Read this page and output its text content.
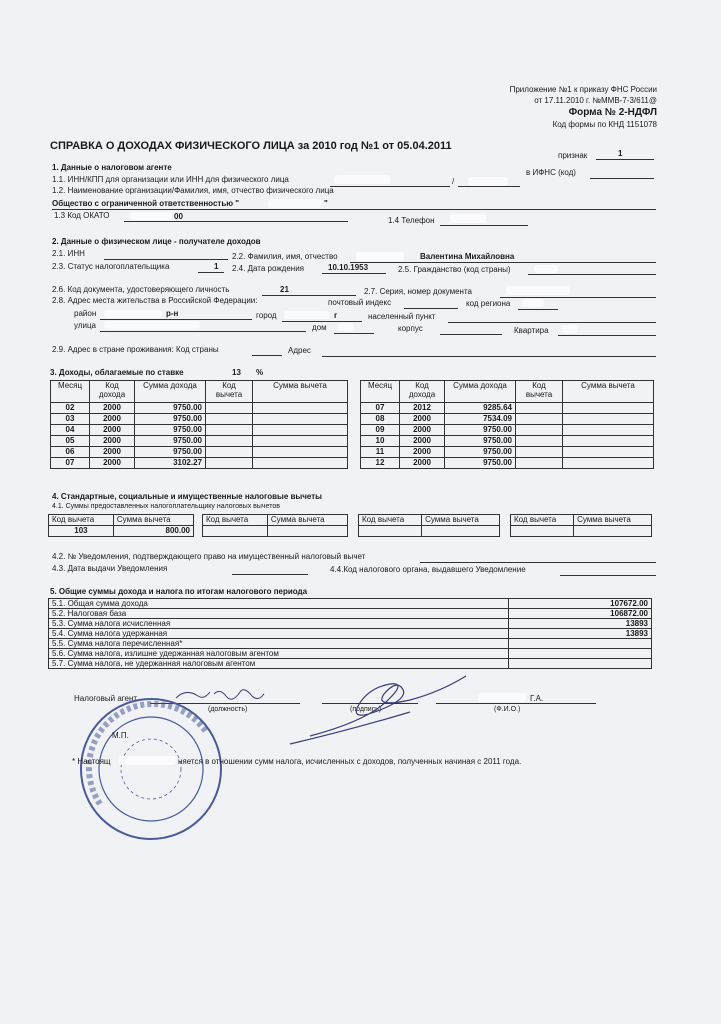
Приложение №1 к приказу ФНС России
от 17.11.2010 г. №ММВ-7-3/611@
Форма № 2-НДФЛ
Код формы по КНД 1151078
СПРАВКА О ДОХОДАХ ФИЗИЧЕСКОГО ЛИЦА за 2010 год №1 от 05.04.2011
признак	1
1. Данные о налоговом агенте
1.1. ИНН/КПП для организации или ИНН для физического лица	/
в ИФНС (код)
1.2. Наименование организации/Фамилия, имя, отчество физического лица
Общество с ограниченной ответственностью "	"
1.3 Код ОКАТО	00	1.4 Телефон
2. Данные о физическом лице - получателе доходов
2.1. ИНН	2.2. Фамилия, имя, отчество	Валентина Михайловна
2.3. Статус налогоплательщика	1 2.4. Дата рождения	10.10.1953	2.5. Гражданство (код страны)
2.6. Код документа, удостоверяющего личность	21	2.7. Серия, номер документа
2.8. Адрес места жительства в Российской Федерации:	почтовый индекс	код региона
район	р-н	город	г	населенный пункт
улица	дом	корпус	Квартира
2.9. Адрес в стране проживания: Код страны	Адрес
3. Доходы, облагаемые по ставке	13 %
Месяц	Код дохода	Сумма дохода	Код вычета	Сумма вычета
02	2000	9750.00		
03	2000	9750.00		
04	2000	9750.00		
05	2000	9750.00		
06	2000	9750.00		
07	2000	3102.27		
Месяц	Код дохода	Сумма дохода	Код вычета	Сумма вычета
07	2012	9285.64		
08	2000	7534.09		
09	2000	9750.00		
10	2000	9750.00		
11	2000	9750.00		
12	2000	9750.00		
4. Стандартные, социальные и имущественные налоговые вычеты
4.1. Суммы предоставленных налогоплательщику налоговых вычетов
Код вычета	Сумма вычета
103	800.00
Код вычета	Сумма вычета
		Код вычета	Сумма вычета
		Код вычета	Сумма вычета

4.2. № Уведомления, подтверждающего право на имущественный налоговый вычет
4.3. Дата выдачи Уведомления	4.4.Код налогового органа, выдавшего Уведомление
5. Общие суммы дохода и налога по итогам налогового периода
5.1. Общая сумма дохода	107672.00
5.2. Налоговая база	106872.00
5.3. Сумма налога исчисленная	13893
5.4. Сумма налога удержанная	13893
5.5. Сумма налога перечисленная*	
5.6. Сумма налога, излишне удержанная налоговым агентом	
5.7. Сумма налога, не удержанная налоговым агентом	
Налоговый агент
(должность)	(подпись)
Г.А.
(Ф.И.О.)
М.П.
* Настоящ	няется в отношении сумм налога, исчисленных с доходов, полученных начиная с 2011 года.
